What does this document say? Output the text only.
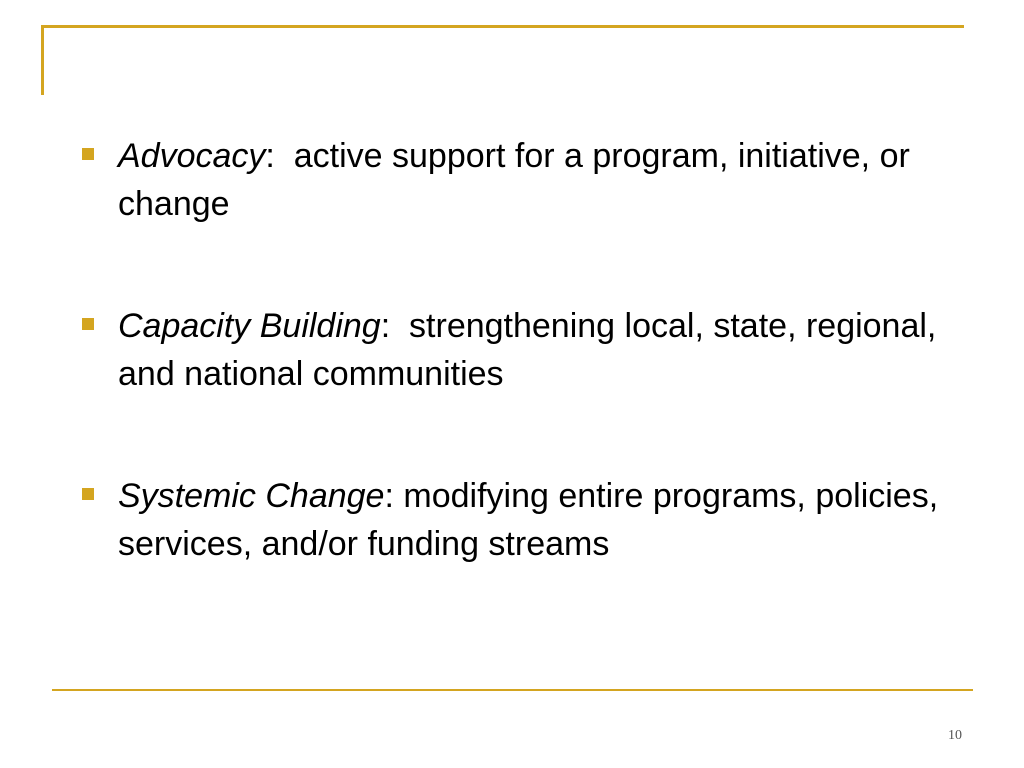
Advocacy:  active support for a program, initiative, or change
Capacity Building:  strengthening local, state, regional, and national communities
Systemic Change: modifying entire programs, policies, services, and/or funding streams
10
